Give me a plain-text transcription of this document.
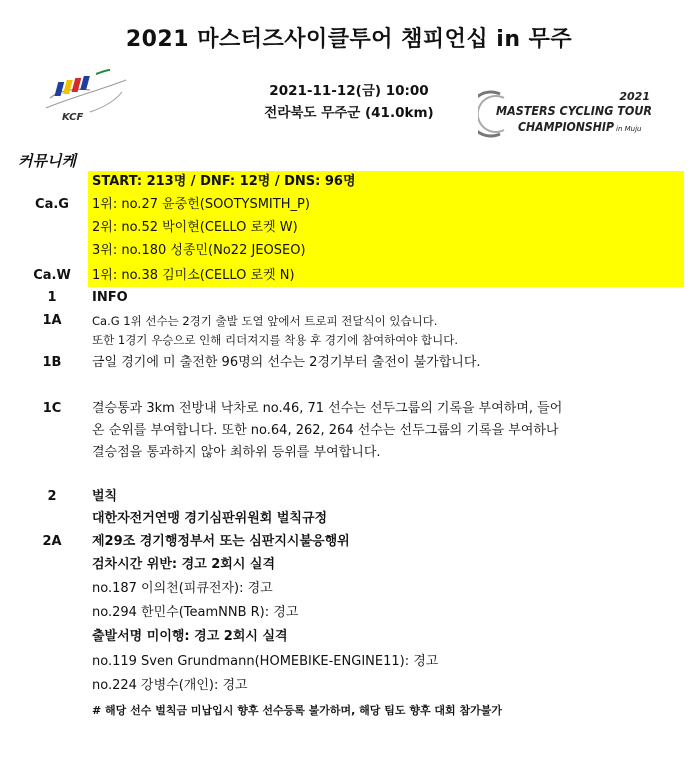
2021 마스터즈사이클투어 챔피언십 in 무주
KCF
2021-11-12(금) 10:00
전라북도 무주군 (41.0km)
2021
MASTERS CYCLING TOUR
CHAMPIONSHIP in Muju
커뮤니케
START: 213명 / DNF: 12명 / DNS: 96명
Ca.G	1위: no.27 윤중헌(SOOTYSMITH_P)
2위: no.52 박이현(CELLO 로켓 W)
3위: no.180 성종민(No22 JEOSEO)
Ca.W	1위: no.38 김미소(CELLO 로켓 N)
1	INFO
1A	Ca.G 1위 선수는 2경기 출발 도열 앞에서 트로피 전달식이 있습니다.
또한 1경기 우승으로 인해 리더져지를 착용 후 경기에 참여하여야 합니다.
1B	금일 경기에 미 출전한 96명의 선수는 2경기부터 출전이 불가합니다.
1C	결승통과 3km 전방내 낙차로 no.46, 71 선수는 선두그룹의 기록을 부여하며, 들어
온 순위를 부여합니다. 또한 no.64, 262, 264 선수는 선두그룹의 기록을 부여하나
결승점을 통과하지 않아 최하위 등위를 부여합니다.
2	벌칙
대한자전거연맹 경기심판위원회 벌칙규정
2A	제29조 경기행정부서 또는 심판지시불응행위
검차시간 위반: 경고 2회시 실격
no.187 이의천(피큐전자): 경고
no.294 한민수(TeamNNB R): 경고
출발서명 미이행: 경고 2회시 실격
no.119 Sven Grundmann(HOMEBIKE-ENGINE11): 경고
no.224 강병수(개인): 경고
# 해당 선수 벌칙금 미납입시 향후 선수등록 불가하며, 해당 팀도 향후 대회 참가불가
